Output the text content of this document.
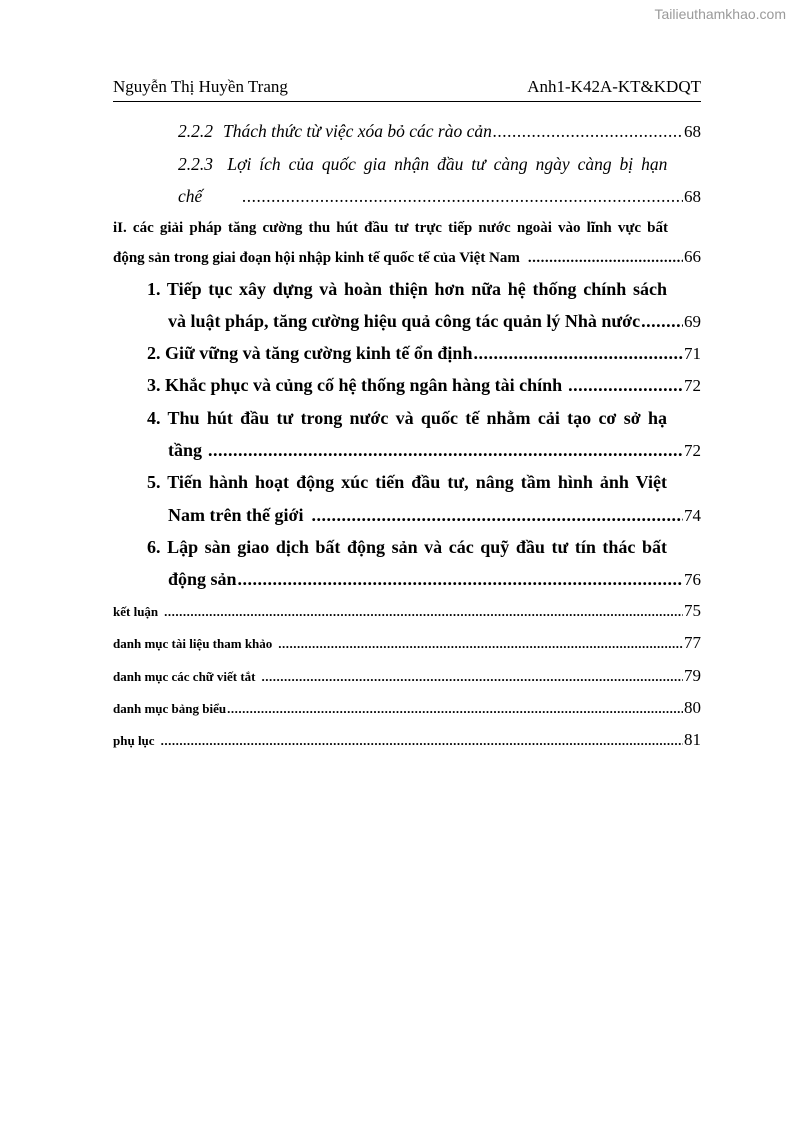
Tailieuthamkhao.com
Nguyễn Thị Huyền Trang	Anh1-K42A-KT&KDQT
2.2.2 Thách thức từ việc xóa bỏ các rào cản .....	68
2.2.3 Lợi ích của quốc gia nhận đầu tư càng ngày càng bị hạn
chế .....	68
iI. các giải pháp tăng cường thu hút đầu tư trực tiếp nước ngoài vào lĩnh vực bất
động sản trong giai đoạn hội nhập kinh tế quốc tế của Việt Nam .....	66
1. Tiếp tục xây dựng và hoàn thiện hơn nữa hệ thống chính sách
và luật pháp, tăng cường hiệu quả công tác quản lý Nhà nước .....	69
2. Giữ vững và tăng cường kinh tế ổn định .....	71
3. Khắc phục và củng cố hệ thống ngân hàng tài chính .....	72
4. Thu hút đầu tư trong nước và quốc tế nhằm cải tạo cơ sở hạ
tầng .....	72
5. Tiến hành hoạt động xúc tiến đầu tư, nâng tầm hình ảnh Việt
Nam trên thế giới .....	74
6. Lập sàn giao dịch bất động sản và các quỹ đầu tư tín thác bất
động sản .....	76
kết luận .....	75
danh mục tài liệu tham khảo .....	77
danh mục các chữ viết tắt .....	79
danh mục bảng biểu .....	80
phụ lục .....	81
